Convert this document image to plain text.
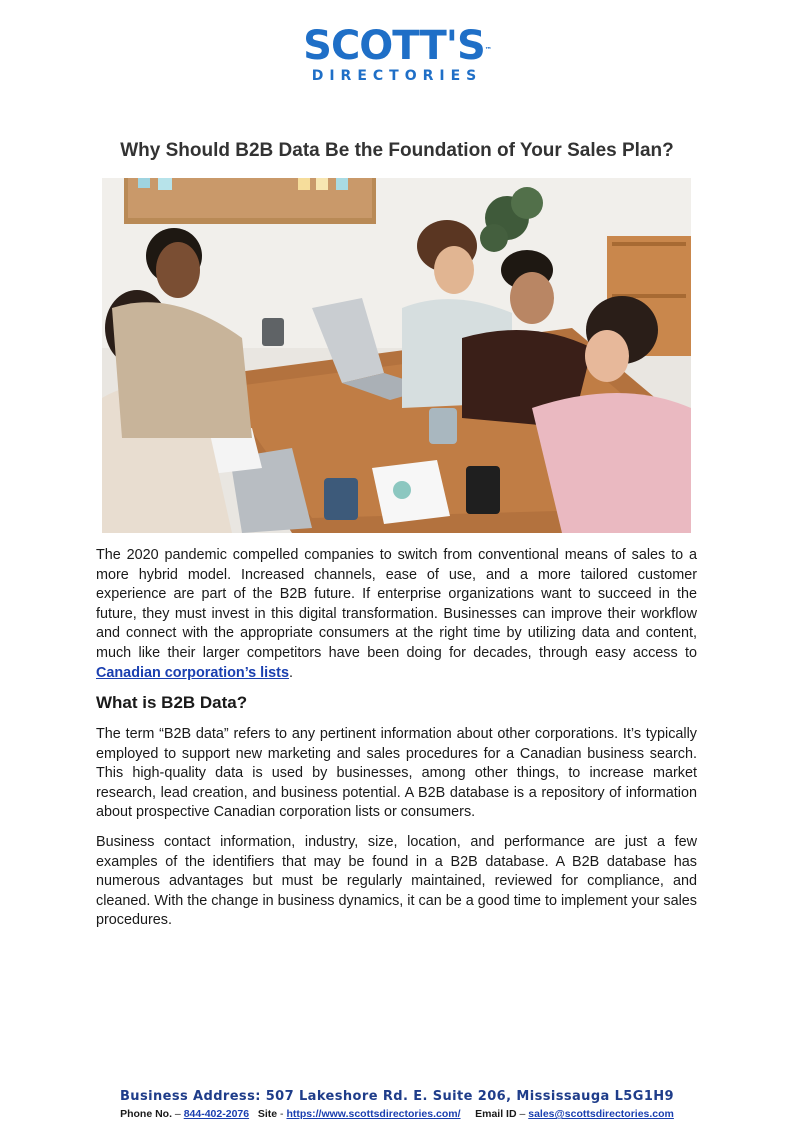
SCOTT'S™
DIRECTORIES
Why Should B2B Data Be the Foundation of Your Sales Plan?
The 2020 pandemic compelled companies to switch from conventional means of sales to a more hybrid model. Increased channels, ease of use, and a more tailored customer experience are part of the B2B future. If enterprise organizations want to succeed in the future, they must invest in this digital transformation. Businesses can improve their workflow and connect with the appropriate consumers at the right time by utilizing data and content, much like their larger competitors have been doing for decades, through easy access to Canadian corporation’s lists.
What is B2B Data?
The term “B2B data” refers to any pertinent information about other corporations. It’s typically employed to support new marketing and sales procedures for a Canadian business search. This high-quality data is used by businesses, among other things, to increase market research, lead creation, and business potential. A B2B database is a repository of information about prospective Canadian corporation lists or consumers.
Business contact information, industry, size, location, and performance are just a few examples of the identifiers that may be found in a B2B database. A B2B database has numerous advantages but must be regularly maintained, reviewed for compliance, and cleaned. With the change in business dynamics, it can be a good time to implement your sales procedures.
Business Address: 507 Lakeshore Rd. E. Suite 206, Mississauga L5G1H9
Phone No. – 844-402-2076 Site - https://www.scottsdirectories.com/ Email ID – sales@scottsdirectories.com
